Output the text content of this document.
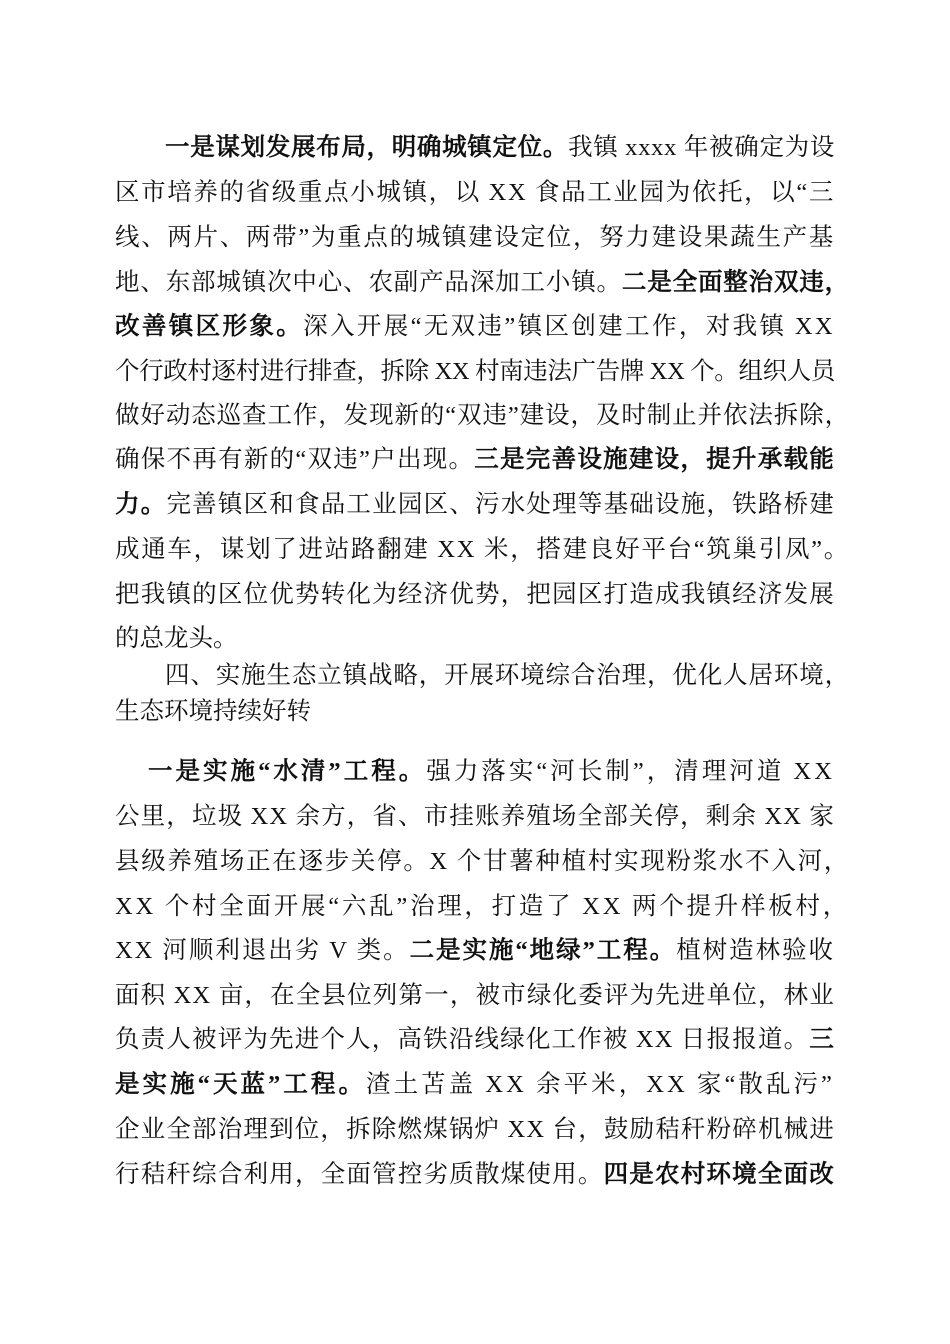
一是谋划发展布局，明确城镇定位。我镇 xxxx 年被确定为设
区市培养的省级重点小城镇，以 XX 食品工业园为依托，以“三
线、两片、两带”为重点的城镇建设定位，努力建设果蔬生产基
地、东部城镇次中心、农副产品深加工小镇。二是全面整治双违，
改善镇区形象。深入开展“无双违”镇区创建工作，对我镇 XX
个行政村逐村进行排查，拆除 XX 村南违法广告牌 XX 个。组织人员
做好动态巡查工作，发现新的“双违”建设，及时制止并依法拆除，
确保不再有新的“双违”户出现。三是完善设施建设，提升承载能
力。完善镇区和食品工业园区、污水处理等基础设施，铁路桥建
成通车，谋划了进站路翻建 XX 米，搭建良好平台“筑巢引凤”。
把我镇的区位优势转化为经济优势，把园区打造成我镇经济发展
的总龙头。
四、实施生态立镇战略，开展环境综合治理，优化人居环境，
生态环境持续好转
一是实施“水清”工程。强力落实“河长制”，清理河道 XX
公里，垃圾 XX 余方，省、市挂账养殖场全部关停，剩余 XX 家
县级养殖场正在逐步关停。X 个甘薯种植村实现粉浆水不入河，
XX 个村全面开展“六乱”治理，打造了 XX 两个提升样板村，
XX 河顺利退出劣 V 类。二是实施“地绿”工程。植树造林验收
面积 XX 亩，在全县位列第一，被市绿化委评为先进单位，林业
负责人被评为先进个人，高铁沿线绿化工作被 XX 日报报道。三
是实施“天蓝”工程。渣土苫盖 XX 余平米，XX 家“散乱污”
企业全部治理到位，拆除燃煤锅炉 XX 台，鼓励秸秆粉碎机械进
行秸秆综合利用，全面管控劣质散煤使用。四是农村环境全面改
